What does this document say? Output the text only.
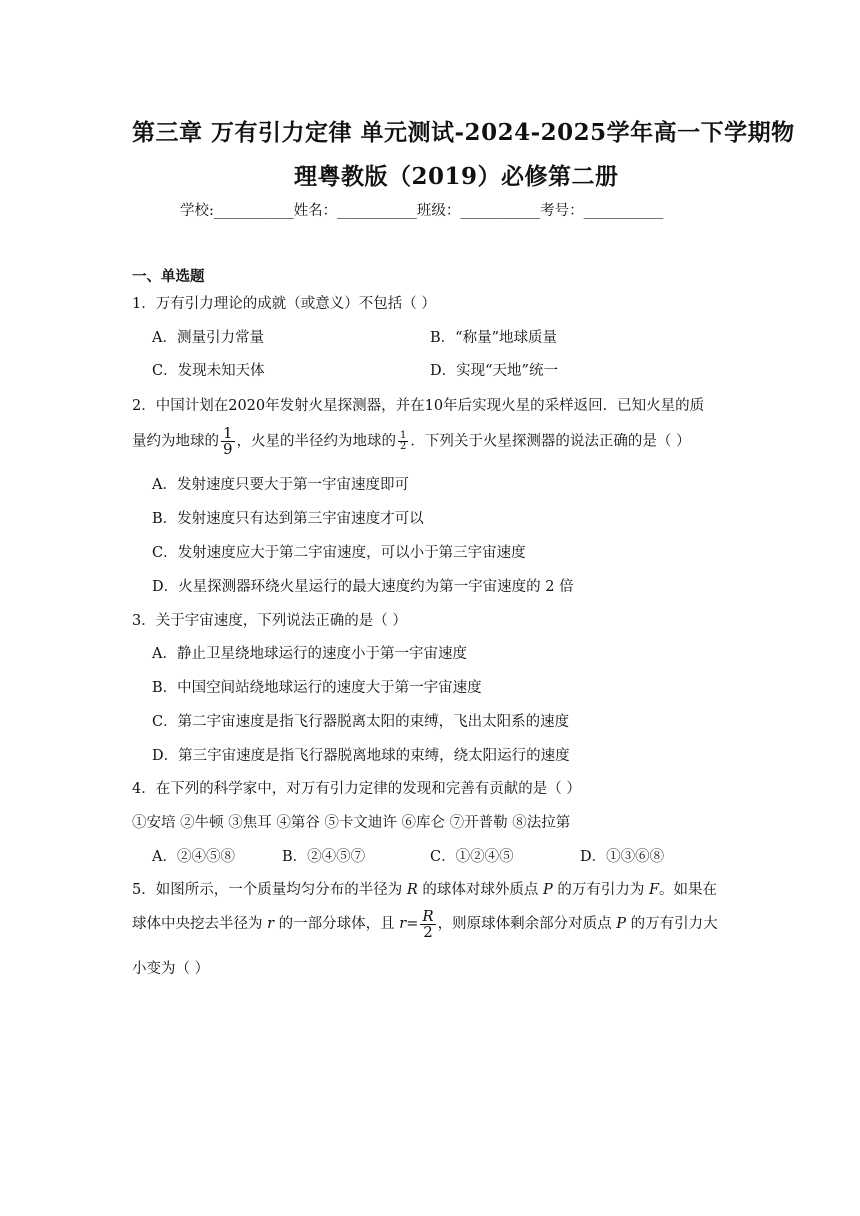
第三章 万有引力定律 单元测试-2024-2025学年高一下学期物
理粤教版（2019）必修第二册
学校:___________姓名：___________班级：___________考号：___________
一、单选题
1．万有引力理论的成就（或意义）不包括（ ）
A．测量引力常量	B．“称量”地球质量
C．发现未知天体	D．实现“天地”统一
2．中国计划在2020年发射火星探测器，并在10年后实现火星的采样返回．已知火星的质
量约为地球的 $\frac{1}{9}$ ，火星的半径约为地球的 $\frac{1}{2}$ ．下列关于火星探测器的说法正确的是（ ）
A．发射速度只要大于第一宇宙速度即可
B．发射速度只有达到第三宇宙速度才可以
C．发射速度应大于第二宇宙速度，可以小于第三宇宙速度
D．火星探测器环绕火星运行的最大速度约为第一宇宙速度的 2 倍
3．关于宇宙速度，下列说法正确的是（ ）
A．静止卫星绕地球运行的速度小于第一宇宙速度
B．中国空间站绕地球运行的速度大于第一宇宙速度
C．第二宇宙速度是指飞行器脱离太阳的束缚，飞出太阳系的速度
D．第三宇宙速度是指飞行器脱离地球的束缚，绕太阳运行的速度
4．在下列的科学家中，对万有引力定律的发现和完善有贡献的是（ ）
①安培 ②牛顿 ③焦耳 ④第谷 ⑤卡文迪许 ⑥库仑 ⑦开普勒 ⑧法拉第
A．②④⑤⑧	B．②④⑤⑦	C．①②④⑤	D．①③⑥⑧
5．如图所示，一个质量均匀分布的半径为 R 的球体对球外质点 P 的万有引力为 F。如果在
球体中央挖去半径为 r 的一部分球体，且 $r= \frac{R}{2}$ ，则原球体剩余部分对质点 P 的万有引力大
小变为（ ）
